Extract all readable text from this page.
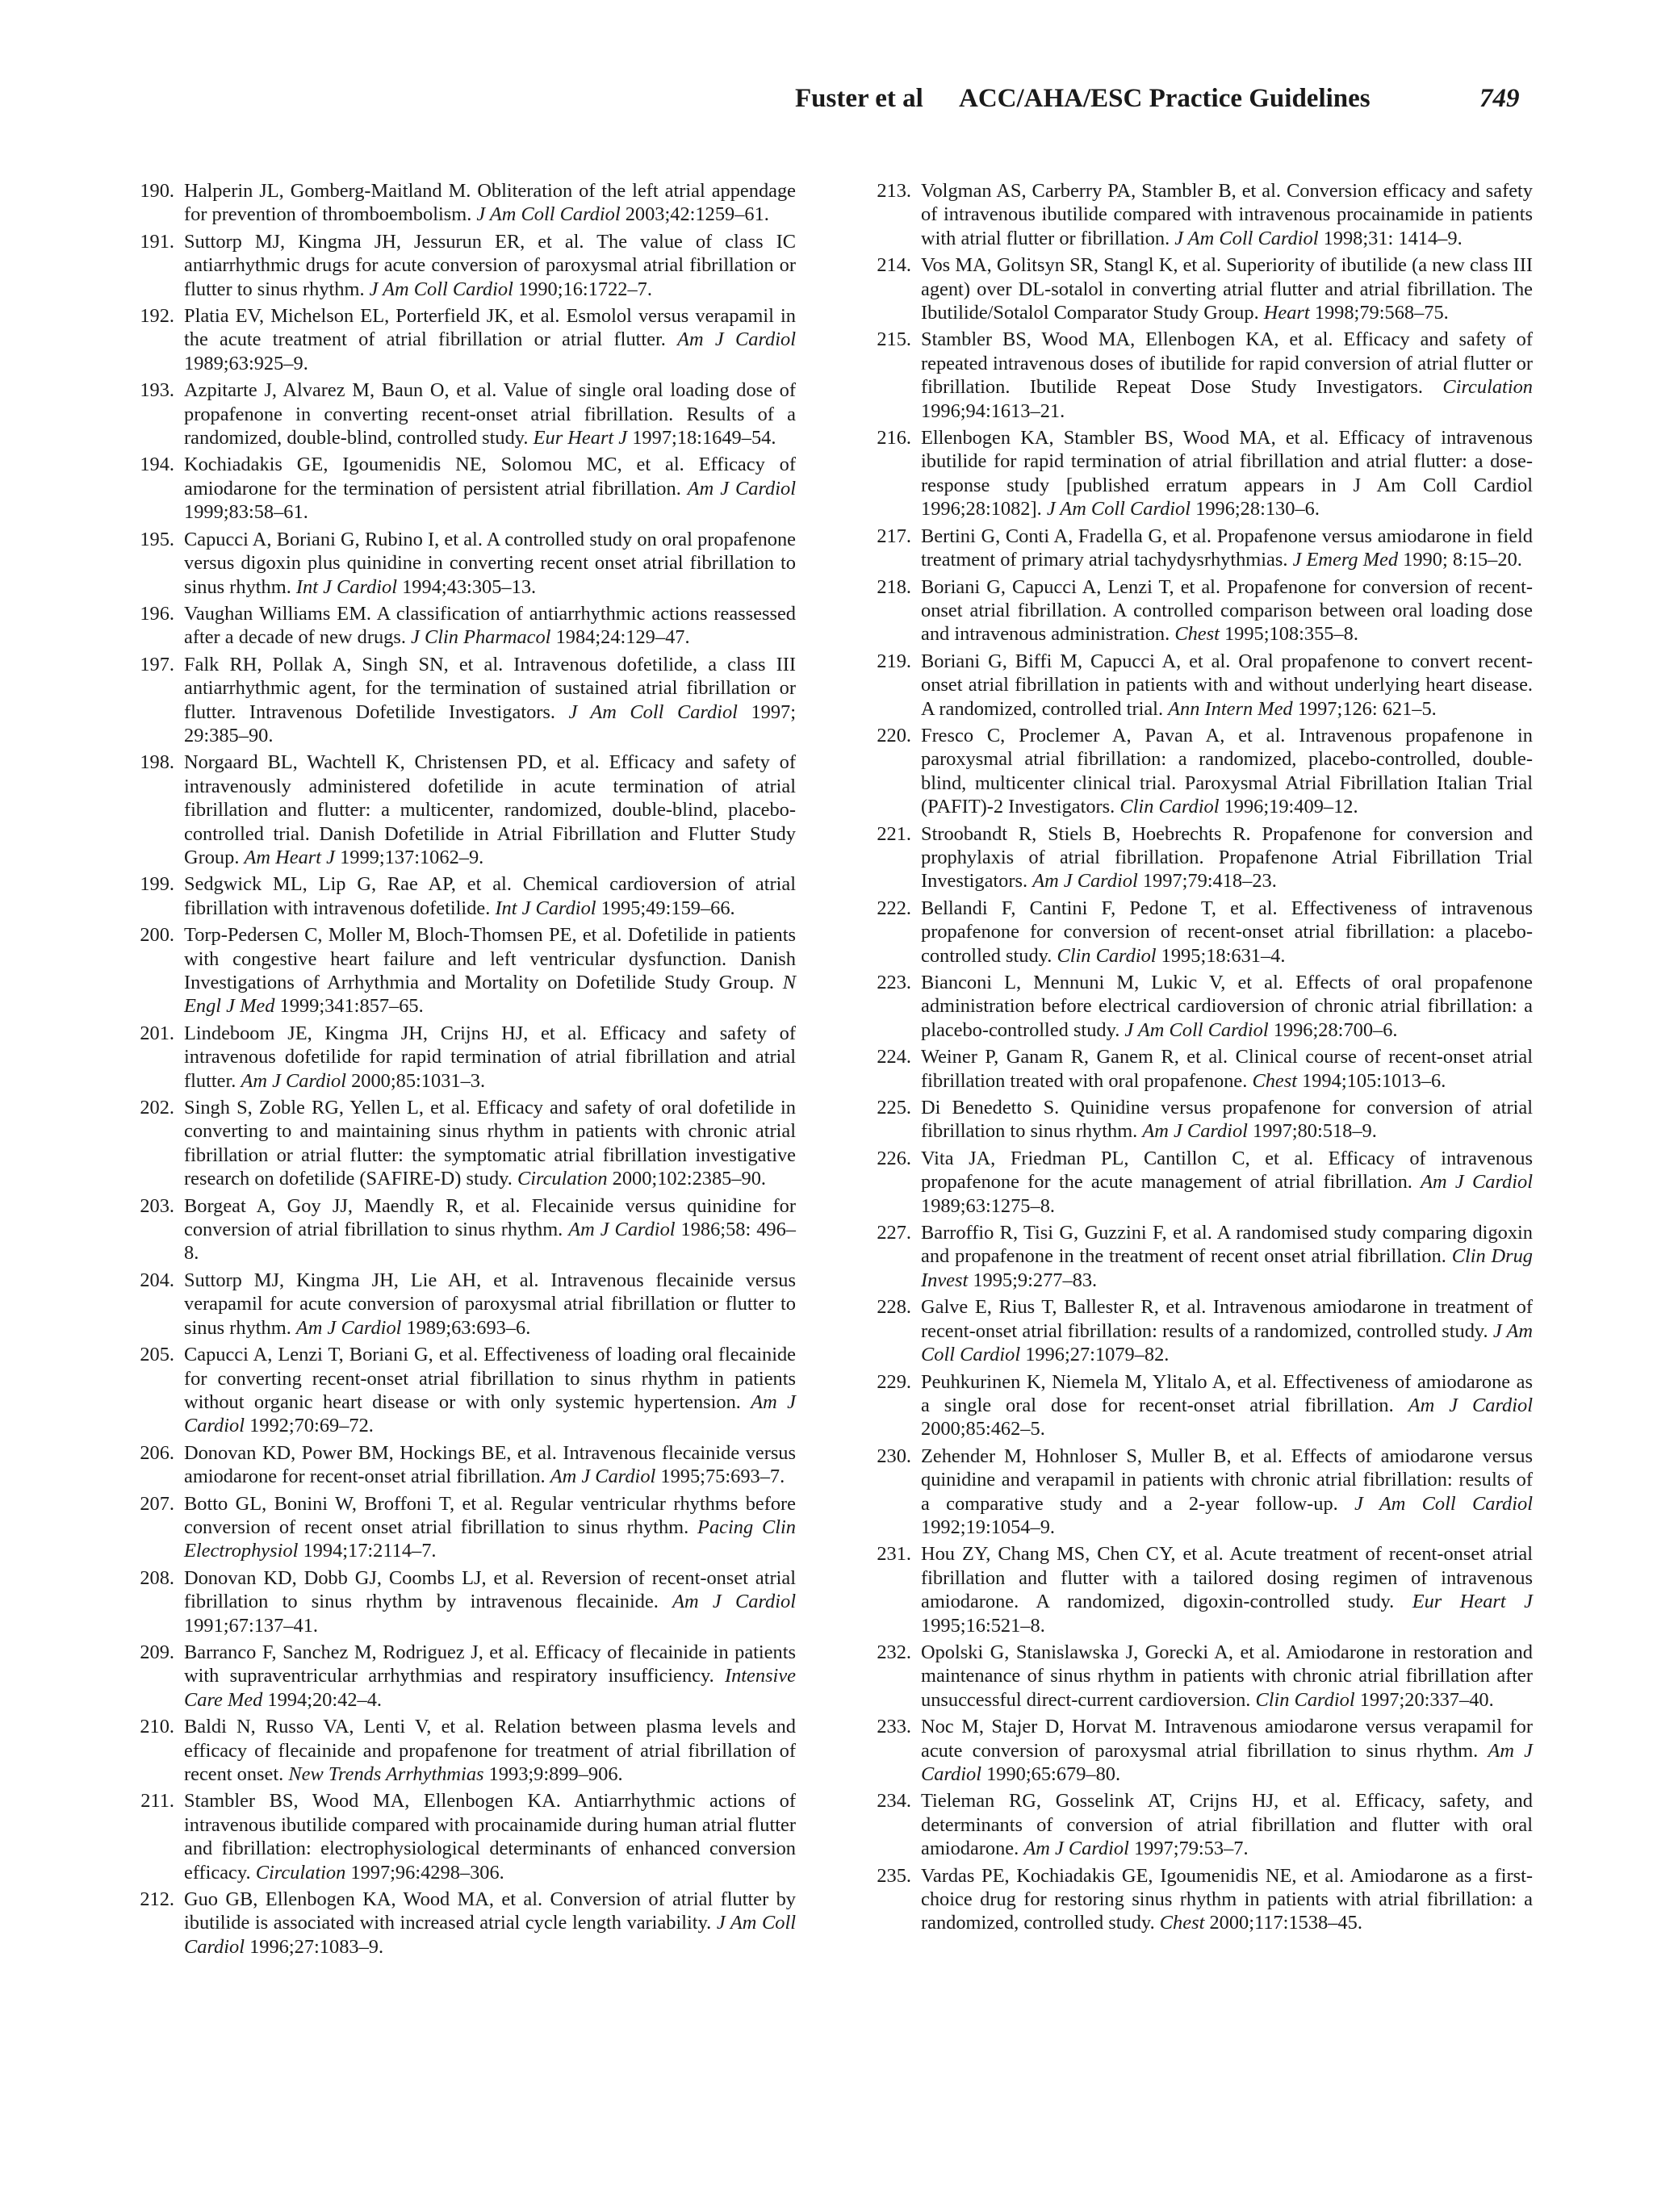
Fuster et al ACC/AHA/ESC Practice Guidelines	749
190. Halperin JL, Gomberg-Maitland M. Obliteration of the left atrial appendage for prevention of thromboembolism. J Am Coll Cardiol 2003;42:1259–61.
191. Suttorp MJ, Kingma JH, Jessurun ER, et al. The value of class IC antiarrhythmic drugs for acute conversion of paroxysmal atrial fibrillation or flutter to sinus rhythm. J Am Coll Cardiol 1990;16:1722–7.
192. Platia EV, Michelson EL, Porterfield JK, et al. Esmolol versus verapamil in the acute treatment of atrial fibrillation or atrial flutter. Am J Cardiol 1989;63:925–9.
193. Azpitarte J, Alvarez M, Baun O, et al. Value of single oral loading dose of propafenone in converting recent-onset atrial fibrillation. Results of a randomized, double-blind, controlled study. Eur Heart J 1997;18:1649–54.
194. Kochiadakis GE, Igoumenidis NE, Solomou MC, et al. Efficacy of amiodarone for the termination of persistent atrial fibrillation. Am J Cardiol 1999;83:58–61.
195. Capucci A, Boriani G, Rubino I, et al. A controlled study on oral propafenone versus digoxin plus quinidine in converting recent onset atrial fibrillation to sinus rhythm. Int J Cardiol 1994;43:305–13.
196. Vaughan Williams EM. A classification of antiarrhythmic actions reassessed after a decade of new drugs. J Clin Pharmacol 1984;24:129–47.
197. Falk RH, Pollak A, Singh SN, et al. Intravenous dofetilide, a class III antiarrhythmic agent, for the termination of sustained atrial fibrillation or flutter. Intravenous Dofetilide Investigators. J Am Coll Cardiol 1997; 29:385–90.
198. Norgaard BL, Wachtell K, Christensen PD, et al. Efficacy and safety of intravenously administered dofetilide in acute termination of atrial fibrillation and flutter: a multicenter, randomized, double-blind, placebo-controlled trial. Danish Dofetilide in Atrial Fibrillation and Flutter Study Group. Am Heart J 1999;137:1062–9.
199. Sedgwick ML, Lip G, Rae AP, et al. Chemical cardioversion of atrial fibrillation with intravenous dofetilide. Int J Cardiol 1995;49:159–66.
200. Torp-Pedersen C, Moller M, Bloch-Thomsen PE, et al. Dofetilide in patients with congestive heart failure and left ventricular dysfunction. Danish Investigations of Arrhythmia and Mortality on Dofetilide Study Group. N Engl J Med 1999;341:857–65.
201. Lindeboom JE, Kingma JH, Crijns HJ, et al. Efficacy and safety of intravenous dofetilide for rapid termination of atrial fibrillation and atrial flutter. Am J Cardiol 2000;85:1031–3.
202. Singh S, Zoble RG, Yellen L, et al. Efficacy and safety of oral dofetilide in converting to and maintaining sinus rhythm in patients with chronic atrial fibrillation or atrial flutter: the symptomatic atrial fibrillation investigative research on dofetilide (SAFIRE-D) study. Circulation 2000;102:2385–90.
203. Borgeat A, Goy JJ, Maendly R, et al. Flecainide versus quinidine for conversion of atrial fibrillation to sinus rhythm. Am J Cardiol 1986;58: 496–8.
204. Suttorp MJ, Kingma JH, Lie AH, et al. Intravenous flecainide versus verapamil for acute conversion of paroxysmal atrial fibrillation or flutter to sinus rhythm. Am J Cardiol 1989;63:693–6.
205. Capucci A, Lenzi T, Boriani G, et al. Effectiveness of loading oral flecainide for converting recent-onset atrial fibrillation to sinus rhythm in patients without organic heart disease or with only systemic hypertension. Am J Cardiol 1992;70:69–72.
206. Donovan KD, Power BM, Hockings BE, et al. Intravenous flecainide versus amiodarone for recent-onset atrial fibrillation. Am J Cardiol 1995;75:693–7.
207. Botto GL, Bonini W, Broffoni T, et al. Regular ventricular rhythms before conversion of recent onset atrial fibrillation to sinus rhythm. Pacing Clin Electrophysiol 1994;17:2114–7.
208. Donovan KD, Dobb GJ, Coombs LJ, et al. Reversion of recent-onset atrial fibrillation to sinus rhythm by intravenous flecainide. Am J Cardiol 1991;67:137–41.
209. Barranco F, Sanchez M, Rodriguez J, et al. Efficacy of flecainide in patients with supraventricular arrhythmias and respiratory insufficiency. Intensive Care Med 1994;20:42–4.
210. Baldi N, Russo VA, Lenti V, et al. Relation between plasma levels and efficacy of flecainide and propafenone for treatment of atrial fibrillation of recent onset. New Trends Arrhythmias 1993;9:899–906.
211. Stambler BS, Wood MA, Ellenbogen KA. Antiarrhythmic actions of intravenous ibutilide compared with procainamide during human atrial flutter and fibrillation: electrophysiological determinants of enhanced conversion efficacy. Circulation 1997;96:4298–306.
212. Guo GB, Ellenbogen KA, Wood MA, et al. Conversion of atrial flutter by ibutilide is associated with increased atrial cycle length variability. J Am Coll Cardiol 1996;27:1083–9.
213. Volgman AS, Carberry PA, Stambler B, et al. Conversion efficacy and safety of intravenous ibutilide compared with intravenous procainamide in patients with atrial flutter or fibrillation. J Am Coll Cardiol 1998;31: 1414–9.
214. Vos MA, Golitsyn SR, Stangl K, et al. Superiority of ibutilide (a new class III agent) over DL-sotalol in converting atrial flutter and atrial fibrillation. The Ibutilide/Sotalol Comparator Study Group. Heart 1998;79:568–75.
215. Stambler BS, Wood MA, Ellenbogen KA, et al. Efficacy and safety of repeated intravenous doses of ibutilide for rapid conversion of atrial flutter or fibrillation. Ibutilide Repeat Dose Study Investigators. Circulation 1996;94:1613–21.
216. Ellenbogen KA, Stambler BS, Wood MA, et al. Efficacy of intravenous ibutilide for rapid termination of atrial fibrillation and atrial flutter: a dose-response study [published erratum appears in J Am Coll Cardiol 1996;28:1082]. J Am Coll Cardiol 1996;28:130–6.
217. Bertini G, Conti A, Fradella G, et al. Propafenone versus amiodarone in field treatment of primary atrial tachydysrhythmias. J Emerg Med 1990; 8:15–20.
218. Boriani G, Capucci A, Lenzi T, et al. Propafenone for conversion of recent-onset atrial fibrillation. A controlled comparison between oral loading dose and intravenous administration. Chest 1995;108:355–8.
219. Boriani G, Biffi M, Capucci A, et al. Oral propafenone to convert recent-onset atrial fibrillation in patients with and without underlying heart disease. A randomized, controlled trial. Ann Intern Med 1997;126: 621–5.
220. Fresco C, Proclemer A, Pavan A, et al. Intravenous propafenone in paroxysmal atrial fibrillation: a randomized, placebo-controlled, double-blind, multicenter clinical trial. Paroxysmal Atrial Fibrillation Italian Trial (PAFIT)-2 Investigators. Clin Cardiol 1996;19:409–12.
221. Stroobandt R, Stiels B, Hoebrechts R. Propafenone for conversion and prophylaxis of atrial fibrillation. Propafenone Atrial Fibrillation Trial Investigators. Am J Cardiol 1997;79:418–23.
222. Bellandi F, Cantini F, Pedone T, et al. Effectiveness of intravenous propafenone for conversion of recent-onset atrial fibrillation: a placebo-controlled study. Clin Cardiol 1995;18:631–4.
223. Bianconi L, Mennuni M, Lukic V, et al. Effects of oral propafenone administration before electrical cardioversion of chronic atrial fibrillation: a placebo-controlled study. J Am Coll Cardiol 1996;28:700–6.
224. Weiner P, Ganam R, Ganem R, et al. Clinical course of recent-onset atrial fibrillation treated with oral propafenone. Chest 1994;105:1013–6.
225. Di Benedetto S. Quinidine versus propafenone for conversion of atrial fibrillation to sinus rhythm. Am J Cardiol 1997;80:518–9.
226. Vita JA, Friedman PL, Cantillon C, et al. Efficacy of intravenous propafenone for the acute management of atrial fibrillation. Am J Cardiol 1989;63:1275–8.
227. Barroffio R, Tisi G, Guzzini F, et al. A randomised study comparing digoxin and propafenone in the treatment of recent onset atrial fibrillation. Clin Drug Invest 1995;9:277–83.
228. Galve E, Rius T, Ballester R, et al. Intravenous amiodarone in treatment of recent-onset atrial fibrillation: results of a randomized, controlled study. J Am Coll Cardiol 1996;27:1079–82.
229. Peuhkurinen K, Niemela M, Ylitalo A, et al. Effectiveness of amiodarone as a single oral dose for recent-onset atrial fibrillation. Am J Cardiol 2000;85:462–5.
230. Zehender M, Hohnloser S, Muller B, et al. Effects of amiodarone versus quinidine and verapamil in patients with chronic atrial fibrillation: results of a comparative study and a 2-year follow-up. J Am Coll Cardiol 1992;19:1054–9.
231. Hou ZY, Chang MS, Chen CY, et al. Acute treatment of recent-onset atrial fibrillation and flutter with a tailored dosing regimen of intravenous amiodarone. A randomized, digoxin-controlled study. Eur Heart J 1995;16:521–8.
232. Opolski G, Stanislawska J, Gorecki A, et al. Amiodarone in restoration and maintenance of sinus rhythm in patients with chronic atrial fibrillation after unsuccessful direct-current cardioversion. Clin Cardiol 1997;20:337–40.
233. Noc M, Stajer D, Horvat M. Intravenous amiodarone versus verapamil for acute conversion of paroxysmal atrial fibrillation to sinus rhythm. Am J Cardiol 1990;65:679–80.
234. Tieleman RG, Gosselink AT, Crijns HJ, et al. Efficacy, safety, and determinants of conversion of atrial fibrillation and flutter with oral amiodarone. Am J Cardiol 1997;79:53–7.
235. Vardas PE, Kochiadakis GE, Igoumenidis NE, et al. Amiodarone as a first-choice drug for restoring sinus rhythm in patients with atrial fibrillation: a randomized, controlled study. Chest 2000;117:1538–45.
